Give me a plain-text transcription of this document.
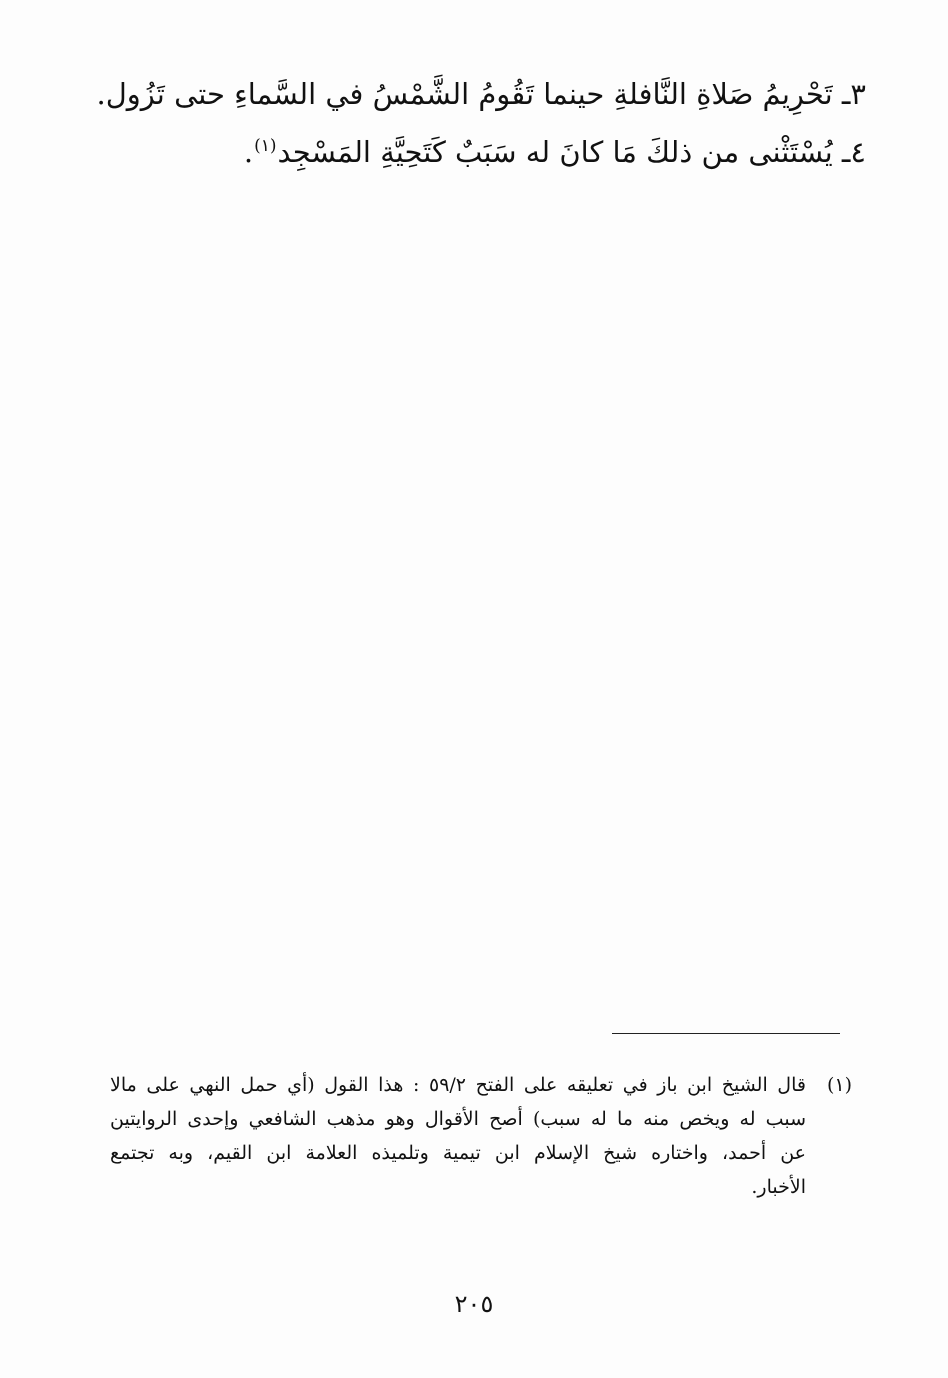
٣ـ تَحْرِيمُ صَلاةِ النَّافلةِ حينما تَقُومُ الشَّمْسُ في السَّماءِ حتى تَزُول.
٤ـ يُسْتَثْنى من ذلكَ مَا كانَ له سَبَبٌ كَتَحِيَّةِ المَسْجِد$^{(١)}$.
(١)
قال الشيخ ابن باز في تعليقه على الفتح ٥٩/٢ : هذا القول (أي حمل النهي على مالا
سبب له ويخص منه ما له سبب) أصح الأقوال وهو مذهب الشافعي وإحدى الروايتين
عن أحمد، واختاره شيخ الإسلام ابن تيمية وتلميذه العلامة ابن القيم، وبه تجتمع
الأخبار.
٢٠٥
